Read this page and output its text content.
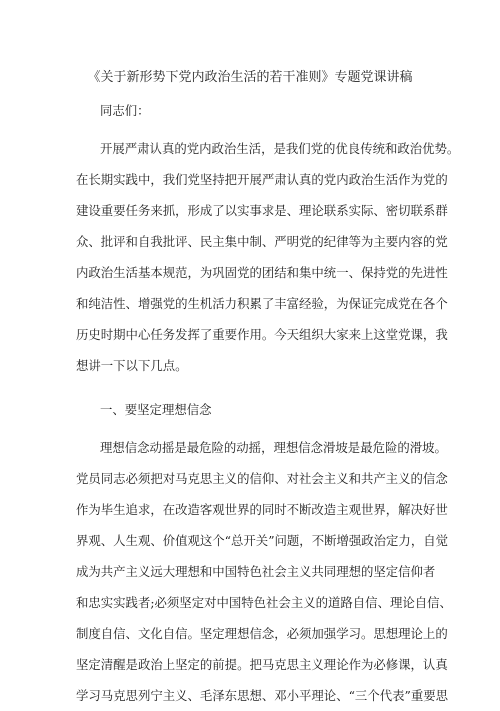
《关于新形势下党内政治生活的若干准则》专题党课讲稿
同志们：
开展严肃认真的党内政治生活，是我们党的优良传统和政治优势。
在长期实践中，我们党坚持把开展严肃认真的党内政治生活作为党的
建设重要任务来抓，形成了以实事求是、理论联系实际、密切联系群
众、批评和自我批评、民主集中制、严明党的纪律等为主要内容的党
内政治生活基本规范，为巩固党的团结和集中统一、保持党的先进性
和纯洁性、增强党的生机活力积累了丰富经验，为保证完成党在各个
历史时期中心任务发挥了重要作用。今天组织大家来上这堂党课，我
想讲一下以下几点。
一、要坚定理想信念
理想信念动摇是最危险的动摇，理想信念滑坡是最危险的滑坡。
党员同志必须把对马克思主义的信仰、对社会主义和共产主义的信念
作为毕生追求，在改造客观世界的同时不断改造主观世界，解决好世
界观、人生观、价值观这个“总开关”问题，不断增强政治定力，自觉
成为共产主义远大理想和中国特色社会主义共同理想的坚定信仰者
和忠实实践者;必须坚定对中国特色社会主义的道路自信、理论自信、
制度自信、文化自信。坚定理想信念，必须加强学习。思想理论上的
坚定清醒是政治上坚定的前提。把马克思主义理论作为必修课，认真
学习马克思列宁主义、毛泽东思想、邓小平理论、“三个代表”重要思
